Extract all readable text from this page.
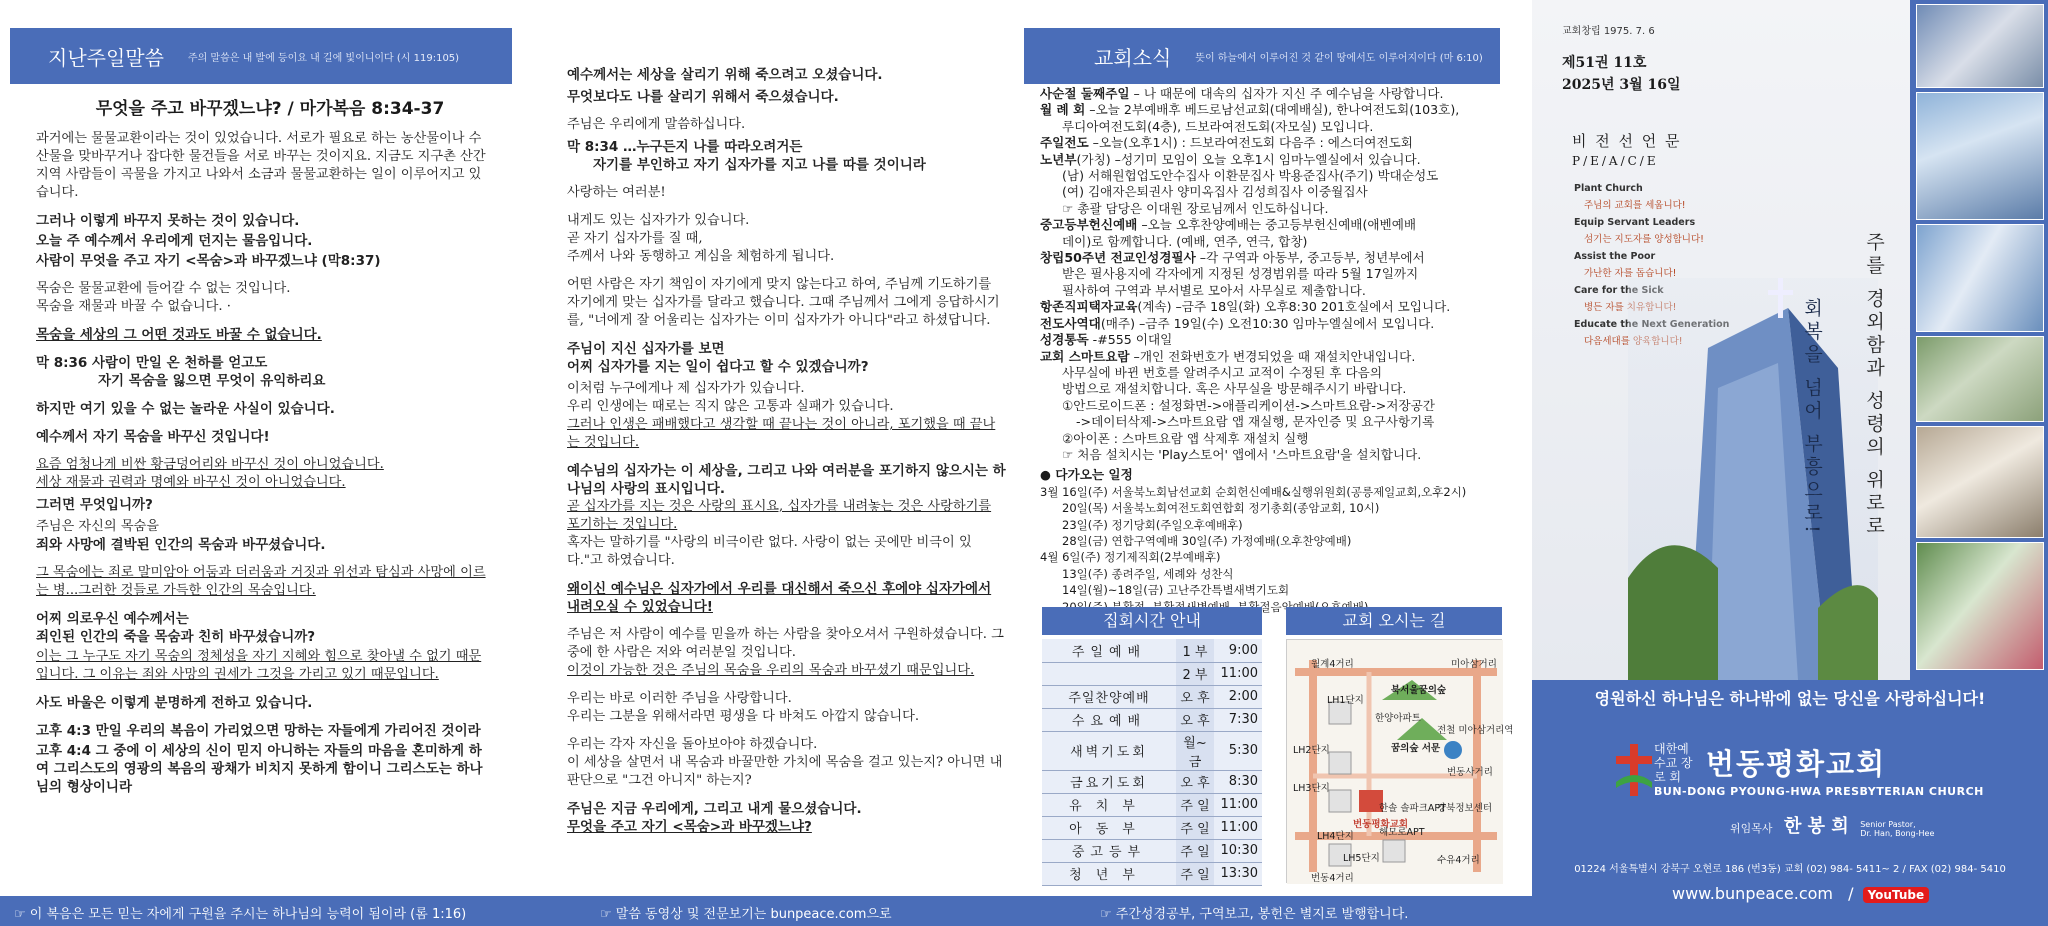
지난주일말씀 주의 말씀은 내 발에 등이요 내 길에 빛이니이다 (시 119:105)
무엇을 주고 바꾸겠느냐? / 마가복음 8:34-37

과거에는 물물교환이라는 것이 있었습니다. 서로가 필요로 하는 농산물이나 수산물을 맞바꾸거나 잡다한 물건들을 서로 바꾸는 것이지요. 지금도 지구촌 산간지역 사람들이 곡물을 가지고 나와서 소금과 물물교환하는 일이 이루어지고 있습니다.

그러나 이렇게 바꾸지 못하는 것이 있습니다.

오늘 주 예수께서 우리에게 던지는 물음입니다.

사람이 무엇을 주고 자기 <목숨>과 바꾸겠느냐 (막8:37)

목숨은 물물교환에 들어갈 수 없는 것입니다.

목숨을 재물과 바꿀 수 없습니다. ·

목숨을 세상의 그 어떤 것과도 바꿀 수 없습니다.

막 8:36 사람이 만일 온 천하를 얻고도

자기 목숨을 잃으면 무엇이 유익하리요

하지만 여기 있을 수 없는 놀라운 사실이 있습니다.

예수께서 자기 목숨을 바꾸신 것입니다!

요즘 엄청나게 비싼 황금덩어리와 바꾸신 것이 아니었습니다.

세상 재물과 권력과 명예와 바꾸신 것이 아니었습니다.

그러면 무엇입니까?

주님은 자신의 목숨을

죄와 사망에 결박된 인간의 목숨과 바꾸셨습니다.

그 목숨에는 죄로 말미암아 어둠과 더러움과 거짓과 위선과 탐심과 사망에 이르는 병...그러한 것들로 가득한 인간의 목숨입니다.

어찌 의로우신 예수께서는

죄인된 인간의 죽을 목숨과 친히 바꾸셨습니까?

이는 그 누구도 자기 목숨의 정체성을 자기 지혜와 힘으로 찾아낼 수 없기 때문입니다. 그 이유는 죄와 사망의 권세가 그것을 가리고 있기 때문입니다.

사도 바울은 이렇게 분명하게 전하고 있습니다.

고후 4:3 만일 우리의 복음이 가리었으면 망하는 자들에게 가리어진 것이라

고후 4:4 그 중에 이 세상의 신이 믿지 아니하는 자들의 마음을 혼미하게 하여 그리스도의 영광의 복음의 광채가 비치지 못하게 함이니 그리스도는 하나님의 형상이니라

예수께서는 세상을 살리기 위해 죽으려고 오셨습니다.

무엇보다도 나를 살리기 위해서 죽으셨습니다.

주님은 우리에게 말씀하십니다.

막 8:34 …누구든지 나를 따라오려거든

자기를 부인하고 자기 십자가를 지고 나를 따를 것이니라

사랑하는 여러분!

내게도 있는 십자가가 있습니다.

곧 자기 십자가를 질 때,

주께서 나와 동행하고 계심을 체험하게 됩니다.

어떤 사람은 자기 책임이 자기에게 맞지 않는다고 하여, 주님께 기도하기를 자기에게 맞는 십자가를 달라고 했습니다. 그때 주님께서 그에게 응답하시기를, "너에게 잘 어울리는 십자가는 이미 십자가가 아니다"라고 하셨답니다.

주님이 지신 십자가를 보면

어찌 십자가를 지는 일이 쉽다고 할 수 있겠습니까?

이처럼 누구에게나 제 십자가가 있습니다.

우리 인생에는 때로는 직지 않은 고통과 실패가 있습니다.

그러나 인생은 패배했다고 생각할 때 끝나는 것이 아니라, 포기했을 때 끝나는 것입니다.

예수님의 십자가는 이 세상을, 그리고 나와 여러분을 포기하지 않으시는 하나님의 사랑의 표시입니다.

곧 십자가를 지는 것은 사랑의 표시요, 십자가를 내려놓는 것은 사랑하기를 포기하는 것입니다.

혹자는 말하기를 "사랑의 비극이란 없다. 사랑이 없는 곳에만 비극이 있다."고 하였습니다.

왜이신 예수님은 십자가에서 우리를 대신해서 죽으신 후에야 십자가에서 내려오실 수 있었습니다!

주님은 저 사람이 예수를 믿을까 하는 사람을 찾아오셔서 구원하셨습니다. 그중에 한 사람은 저와 여러분일 것입니다.

이것이 가능한 것은 주님의 목숨을 우리의 목숨과 바꾸셨기 때문입니다.

우리는 바로 이러한 주님을 사랑합니다.

우리는 그분을 위해서라면 평생을 다 바쳐도 아깝지 않습니다.

우리는 각자 자신을 돌아보아야 하겠습니다.

이 세상을 살면서 내 목숨과 바꿀만한 가치에 목숨을 걸고 있는지? 아니면 내 판단으로 "그건 아니지" 하는지?

주님은 지금 우리에게, 그리고 내게 물으셨습니다.

무엇을 주고 자기 <목숨>과 바꾸겠느냐?

교회소식 뜻이 하늘에서 이루어진 것 같이 땅에서도 이루어지이다 (마 6:10)
사순절 둘째주일 – 나 때문에 대속의 십자가 지신 주 예수님을 사랑합니다.
월 례 회 –오늘 2부예배후 베드로남선교회(대예배실), 한나여전도회(103호),
루디아여전도회(4층), 드보라여전도회(자모실) 모입니다.
주일전도 –오늘(오후1시) : 드보라여전도회 다음주 : 에스더여전도회
노년부(가칭) –성기미 모임이 오늘 오후1시 임마누엘실에서 있습니다.
(남) 서해원헙업도안수집사 이환문집사 박용준집사(주기) 박대순성도
(여) 김애자은퇴권사 양미옥집사 김성희집사 이중월집사
☞ 총괄 담당은 이대원 장로님께서 인도하십니다.
중고등부헌신예배 –오늘 오후찬양예배는 중고등부헌신예배(애벤예배
데이)로 함께합니다. (예배, 연주, 연극, 합창)
창립50주년 전교인성경필사 –각 구역과 아동부, 중고등부, 청년부에서
받은 필사용지에 각자에게 지정된 성경범위를 따라 5월 17일까지
필사하여 구역과 부서별로 모아서 사무실로 제출합니다.
항존직피택자교육(계속) –금주 18일(화) 오후8:30 201호실에서 모입니다.
전도사역대(매주) –금주 19일(수) 오전10:30 임마누엘실에서 모입니다.
성경통독 -#555 이대일
교회 스마트요람 –개인 전화번호가 변경되었을 때 재설치안내입니다.
사무실에 바뀐 번호를 알려주시고 교적이 수정된 후 다음의
방법으로 재설치합니다. 혹은 사무실을 방문해주시기 바랍니다.
①안드로이드폰 : 설정화면->애플리케이션->스마트요람->저장공간
->데이터삭제->스마트요람 앱 재실행, 문자인증 및 요구사항기록
②아이폰 : 스마트요람 앱 삭제후 재설치 실행
☞ 처음 설치시는 'Play스토어' 앱에서 '스마트요람'을 설치합니다.
● 다가오는 일정
3월 16일(주) 서울북노회남선교회 순회헌신예배&실행위원회(공릉제일교회,오후2시)
20일(목) 서울북노회여전도회연합회 정기총회(종암교회, 10시)
23일(주) 정기당회(주일오후예배후)
28일(금) 연합구역예배 30일(주) 가정예배(오후찬양예배)
4월 6일(주) 정기제직회(2부예배후)
13일(주) 종려주일, 세례와 성찬식
14일(월)~18일(금) 고난주간특별새벽기도회
집회시간 안내
주일예배	1 부	9:00
	2 부	11:00
주일찬양예배	오 후	2:00
수요예배	오 후	7:30
새벽기도회	월~금	5:30
금요기도회	오 후	8:30
유치부	주 일	11:00
아동부	주 일	11:00
중고등부	주 일	10:30
청년부	주 일	13:30
교회 오시는 길
월계4거리	미아삼거리
LH1단지
북서울꿈의숲
한양아파트
전철 미아삼거리역
LH2단지	꿈의숲 서문
LH3단지
번동평화교회
번동사거리
한솔 솔파크APT
해모로APT
강북정보센터
LH4단지
LH5단지	수유4거리
번동4거리
교회창립 1975. 7. 6
제51권 11호
2025년 3월 16일
비 전 선 언 문
P/E/A/C/E
Plant Church
주님의 교회를 세웁니다!
Equip Servant Leaders
섬기는 지도자를 양성합니다!
Assist the Poor
가난한 자를 돕습니다!
Care for the Sick
병든 자를 치유합니다!
Educate the Next Generation
다음세대를 양육합니다!	주를 경외함과 성령의 위로로
회복을 넘어 부흥으로!
영원하신 하나님은 하나밖에 없는 당신을 사랑하십니다!
대한예수교 장 로 회 번동평화교회
BUN-DONG PYOUNG-HWA PRESBYTERIAN CHURCH
위임목사 한 봉 희 Senior Pastor,
Dr. Han, Bong-Hee
01224 서울특별시 강북구 오현로 186 (번3동) 교회 (02) 984- 5411~ 2 / FAX (02) 984- 5410
www.bunpeace.com / YouTube
☞ 이 복음은 모든 믿는 자에게 구원을 주시는 하나님의 능력이 됨이라 (롬 1:16)	☞ 말씀 동영상 및 전문보기는 bunpeace.com으로	☞ 주간성경공부, 구역보고, 봉헌은 별지로 발행합니다.
